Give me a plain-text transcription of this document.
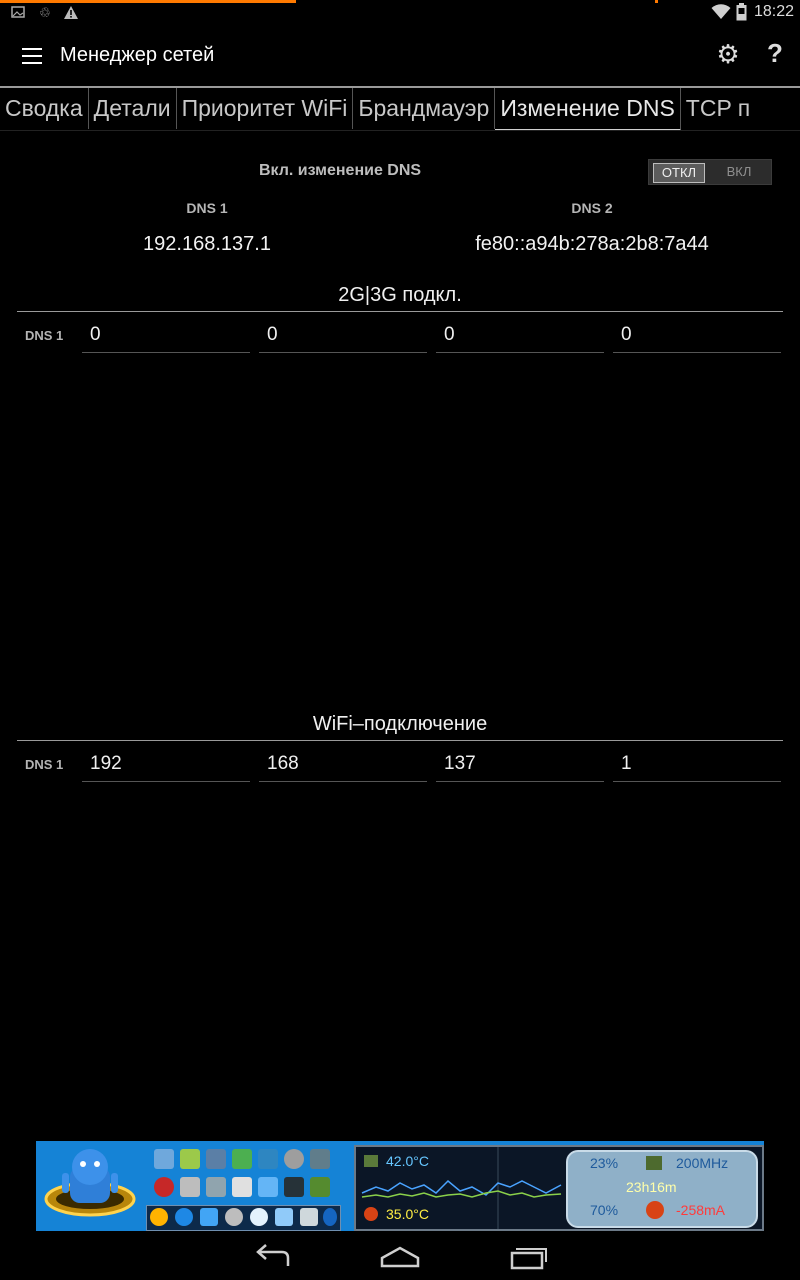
♲	18:22
Менеджер сетей	⚙ ?
Сводка Детали Приоритет WiFi Брандмауэр Изменение DNS TCP п
Вкл. изменение DNS	ОТКЛ	ВКЛ
DNS 1	DNS 2
192.168.137.1	fe80::a94b:278a:2b8:7a44
2G|3G подкл.
DNS 1 0	0	0	0
WiFi–подключение
DNS 1 192	168	137	1
42.0°C
35.0°C
23%	200MHz
23h16m
70%	-258mA
